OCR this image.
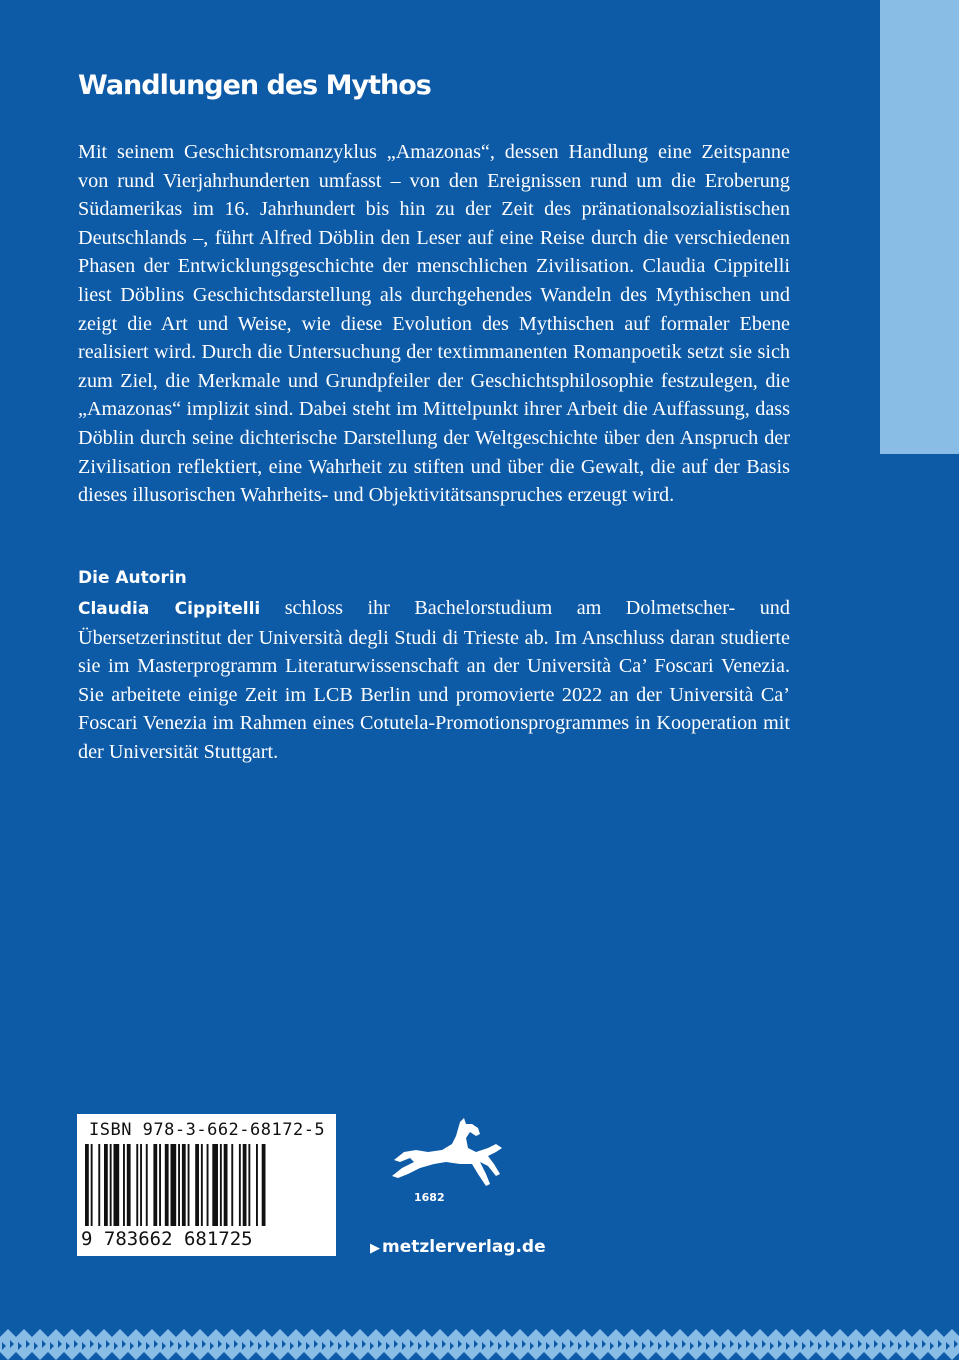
Wandlungen des Mythos

Mit seinem Geschichtsromanzyklus „Amazonas“, dessen Handlung eine Zeitspanne von rund Vierjahrhunderten umfasst – von den Ereignissen rund um die Eroberung Südamerikas im 16. Jahrhundert bis hin zu der Zeit des pränationalsozialistischen Deutschlands –, führt Alfred Döblin den Leser auf eine Reise durch die verschiedenen Phasen der Entwicklungsgeschichte der menschlichen Zivilisation. Claudia Cippitelli liest Döblins Geschichtsdarstellung als durchgehendes Wandeln des Mythischen und zeigt die Art und Weise, wie diese Evolution des Mythischen auf formaler Ebene realisiert wird. Durch die Untersuchung der textimmanenten Romanpoetik setzt sie sich zum Ziel, die Merkmale und Grundpfeiler der Geschichtsphilosophie festzulegen, die „Amazonas“ implizit sind. Dabei steht im Mittelpunkt ihrer Arbeit die Auffassung, dass Döblin durch seine dichterische Darstellung der Weltgeschichte über den Anspruch der Zivilisation reflektiert, eine Wahrheit zu stiften und über die Gewalt, die auf der Basis dieses illusorischen Wahrheits- und Objektivitätsanspruches erzeugt wird.

Die Autorin

Claudia Cippitelli schloss ihr Bachelorstudium am Dolmetscher- und Übersetzerinstitut der Università degli Studi di Trieste ab. Im Anschluss daran studierte sie im Masterprogramm Literaturwissenschaft an der Università Ca’ Foscari Venezia. Sie arbeitete einige Zeit im LCB Berlin und promovierte 2022 an der Università Ca’ Foscari Venezia im Rahmen eines Cotutela-Promotionsprogrammes in Kooperation mit der Universität Stuttgart.

ISBN 978-3-662-68172-5
9 783662 681725
1682
▶ metzlerverlag.de
